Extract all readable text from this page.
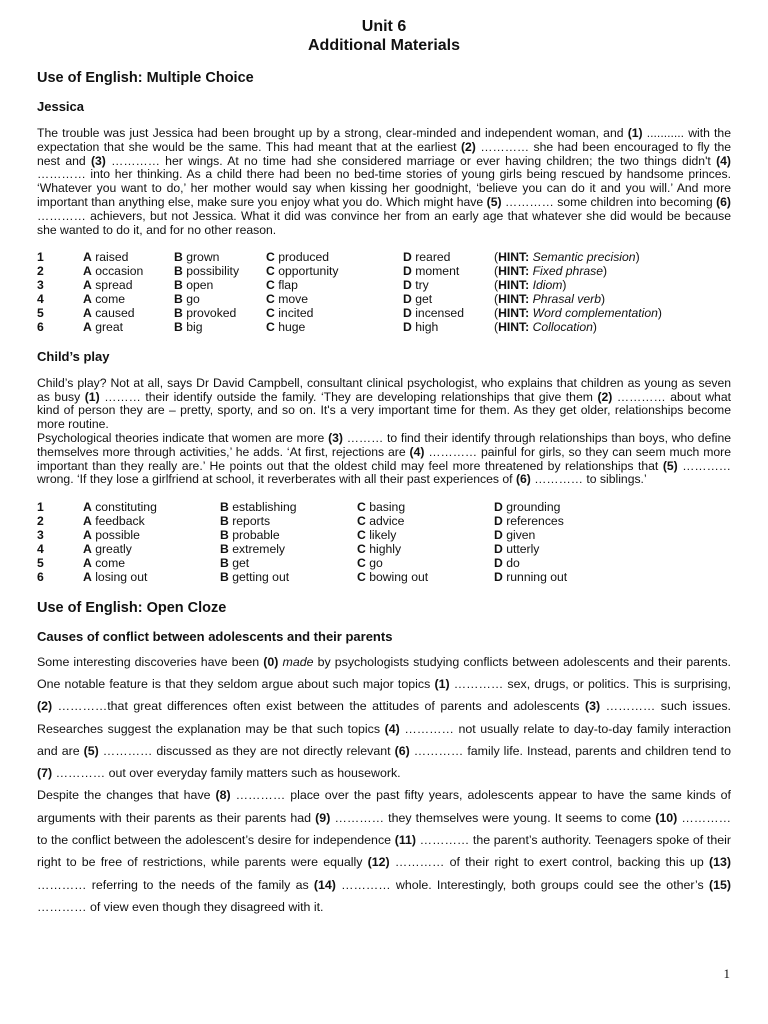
Unit 6
Additional Materials
Use of English: Multiple Choice
Jessica

The trouble was just Jessica had been brought up by a strong, clear-minded and independent woman, and (1) ........... with the expectation that she would be the same. This had meant that at the earliest (2) ………… she had been encouraged to fly the nest and (3) ………… her wings. At no time had she considered marriage or ever having children; the two things didn't (4) ………… into her thinking. As a child there had been no bed-time stories of young girls being rescued by handsome princes. ‘Whatever you want to do,’ her mother would say when kissing her goodnight, ‘believe you can do it and you will.’ And more important than anything else, make sure you enjoy what you do. Which might have (5) ………… some children into becoming (6) ………… achievers, but not Jessica. What it did was convince her from an early age that whatever she did would be because she wanted to do it, and for no other reason.

1	A raised	B grown	C produced	D reared	(HINT: Semantic precision)
2	A occasion	B possibility	C opportunity	D moment	(HINT: Fixed phrase)
3	A spread	B open	C flap	D try	(HINT: Idiom)
4	A come	B go	C move	D get	(HINT: Phrasal verb)
5	A caused	B provoked	C incited	D incensed	(HINT: Word complementation)
6	A great	B big	C huge	D high	(HINT: Collocation)
Child’s play

Child’s play? Not at all, says Dr David Campbell, consultant clinical psychologist, who explains that children as young as seven as busy (1) ……… their identify outside the family. ‘They are developing relationships that give them (2) ………… about what kind of person they are – pretty, sporty, and so on. It's a very important time for them. As they get older, relationships become more routine.

Psychological theories indicate that women are more (3) ……… to find their identify through relationships than boys, who define themselves more through activities,’ he adds. ‘At first, rejections are (4) ………… painful for girls, so they can seem much more important than they really are.’ He points out that the oldest child may feel more threatened by relationships that (5) ………… wrong. ‘If they lose a girlfriend at school, it reverberates with all their past experiences of (6) ………… to siblings.’

1	A constituting	B establishing	C basing	D grounding
2	A feedback	B reports	C advice	D references
3	A possible	B probable	C likely	D given
4	A greatly	B extremely	C highly	D utterly
5	A come	B get	C go	D do
6	A losing out	B getting out	C bowing out	D running out
Use of English: Open Cloze
Causes of conflict between adolescents and their parents

Some interesting discoveries have been (0) made by psychologists studying conflicts between adolescents and their parents. One notable feature is that they seldom argue about such major topics (1) ………… sex, drugs, or politics. This is surprising, (2) …………that great differences often exist between the attitudes of parents and adolescents (3) ………… such issues. Researches suggest the explanation may be that such topics (4) ………… not usually relate to day-to-day family interaction and are (5) ………… discussed as they are not directly relevant (6) ………… family life. Instead, parents and children tend to (7) ………… out over everyday family matters such as housework.

Despite the changes that have (8) ………… place over the past fifty years, adolescents appear to have the same kinds of arguments with their parents as their parents had (9) ………… they themselves were young. It seems to come (10) ………… to the conflict between the adolescent’s desire for independence (11) ………… the parent’s authority. Teenagers spoke of their right to be free of restrictions, while parents were equally (12) ………… of their right to exert control, backing this up (13) ………… referring to the needs of the family as (14) ………… whole. Interestingly, both groups could see the other’s (15) ………… of view even though they disagreed with it.

1
